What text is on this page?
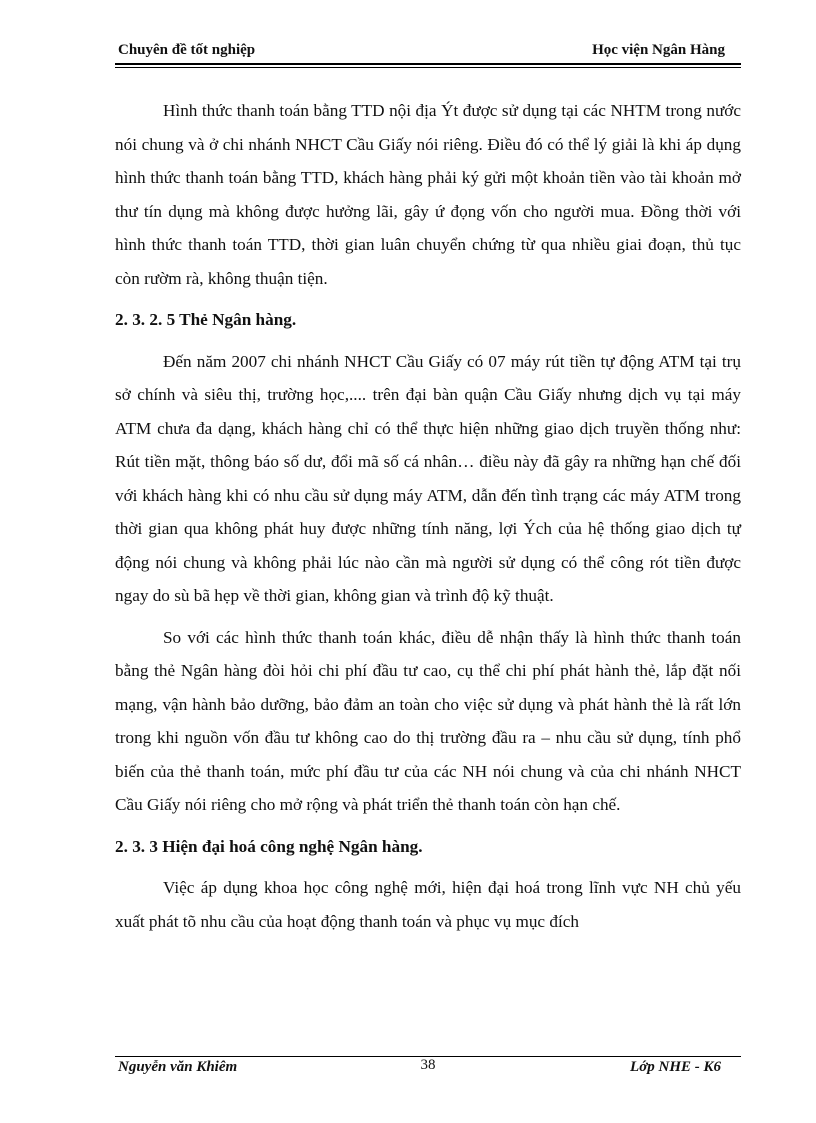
Chuyên đề tốt nghiệp	Học viện Ngân Hàng

Hình thức thanh toán bằng TTD nội địa Ýt được sử dụng tại các NHTM trong nước nói chung và ở chi nhánh NHCT Cầu Giấy nói riêng. Điều đó có thể lý giải là khi áp dụng hình thức thanh toán bằng TTD, khách hàng phải ký gửi một khoản tiền vào tài khoản mở thư tín dụng mà không được hưởng lãi, gây ứ đọng vốn cho người mua. Đồng thời với hình thức thanh toán TTD, thời gian luân chuyển chứng từ qua nhiều giai đoạn, thủ tục còn rườm rà, không thuận tiện.

2. 3. 2. 5 Thẻ Ngân hàng.

Đến năm 2007 chi nhánh NHCT Cầu Giấy có 07 máy rút tiền tự động ATM tại trụ sở chính và siêu thị, trường học,.... trên đại bàn quận Cầu Giấy nhưng dịch vụ tại máy ATM chưa đa dạng, khách hàng chỉ có thể thực hiện những giao dịch truyền thống như: Rút tiền mặt, thông báo số dư, đổi mã số cá nhân… điều này đã gây ra những hạn chế đối với khách hàng khi có nhu cầu sử dụng máy ATM, dẫn đến tình trạng các máy ATM trong thời gian qua không phát huy được những tính năng, lợi Ých của hệ thống giao dịch tự động nói chung và không phải lúc nào cần mà người sử dụng có thể công rót tiền được ngay do sù bã hẹp về thời gian, không gian và trình độ kỹ thuật.

So với các hình thức thanh toán khác, điều dễ nhận thấy là hình thức thanh toán bằng thẻ Ngân hàng đòi hỏi chi phí đầu tư cao, cụ thể chi phí phát hành thẻ, lắp đặt nối mạng, vận hành bảo dưỡng, bảo đảm an toàn cho việc sử dụng và phát hành thẻ là rất lớn trong khi nguồn vốn đầu tư không cao do thị trường đầu ra – nhu cầu sử dụng, tính phổ biến của thẻ thanh toán, mức phí đầu tư của các NH nói chung và của chi nhánh NHCT Cầu Giấy nói riêng cho mở rộng và phát triển thẻ thanh toán còn hạn chế.

2. 3. 3 Hiện đại hoá công nghệ Ngân hàng.

Việc áp dụng khoa học công nghệ mới, hiện đại hoá trong lĩnh vực NH chủ yếu xuất phát tõ nhu cầu của hoạt động thanh toán và phục vụ mục đích

Nguyễn văn Khiêm	38	Lớp NHE - K6
